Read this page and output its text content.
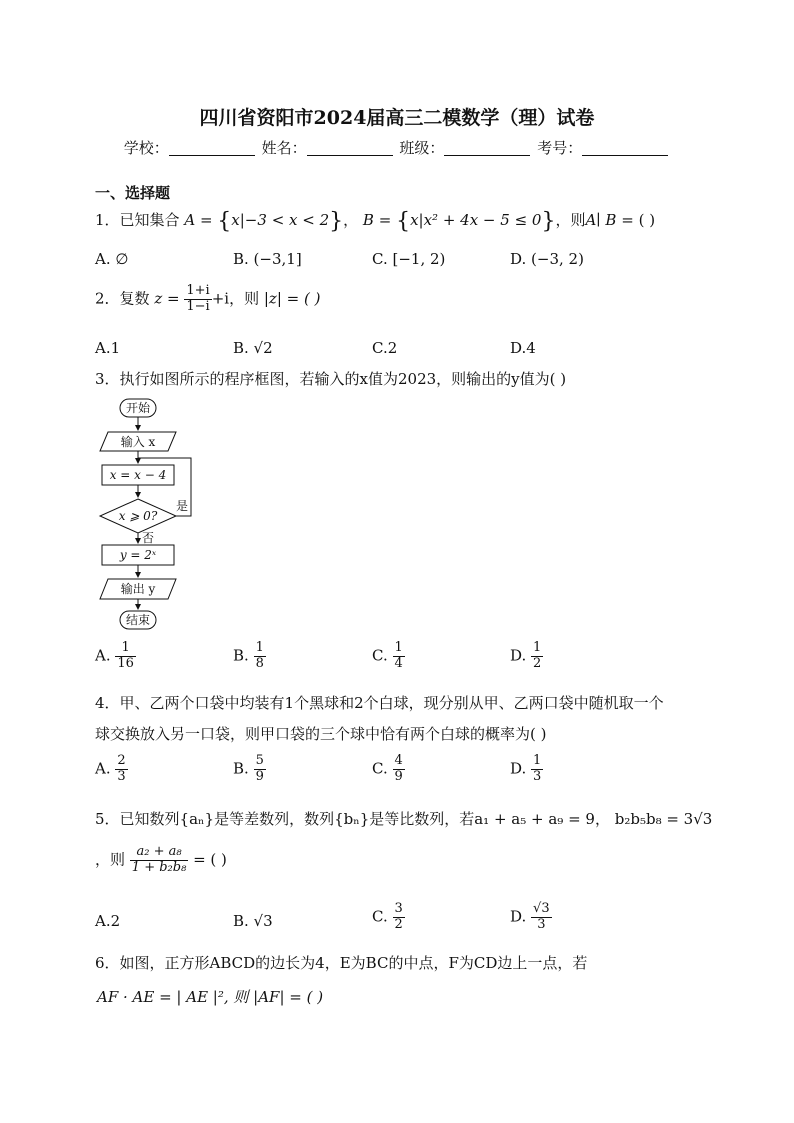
四川省资阳市2024届高三二模数学（理）试卷
学校：	姓名：	班级：	考号：
一、选择题
1．已知集合 A = {x|−3 < x < 2}， B = {x|x² + 4x − 5 ≤ 0}，则A∣ B = ( )
A. ∅	B. (−3,1]	C. [−1, 2)	D. (−3, 2)
2．复数 $z = \frac{1+i}{1-i} +i$，则 |z| = ( )
A.1	B. √2	C.2	D.4
3．执行如图所示的程序框图，若输入的x值为2023，则输出的y值为( )
开始
输入 x
x = x − 4
x ⩾ 0?
是
否
y = 2ˣ
输出 y
结束
A. $\frac{1}{16}$	B. $\frac{1}{8}$	C. $\frac{1}{4}$	D. $\frac{1}{2}$
4．甲、乙两个口袋中均装有1个黑球和2个白球，现分别从甲、乙两口袋中随机取一个
球交换放入另一口袋，则甲口袋的三个球中恰有两个白球的概率为( )
A. $\frac{2}{3}$	B. $\frac{5}{9}$	C. $\frac{4}{9}$	D. $\frac{1}{3}$
5．已知数列{aₙ}是等差数列，数列{bₙ}是等比数列，若a₁ + a₅ + a₉ = 9， b₂b₅b₈ = 3√3
，则 $\frac{\text{a₂ + a₈}}{\text{1 + b₂b₈}}$ = ( )
A.2	B. √3	C. $\frac{3}{2}$	D. $\frac{√3}{3}$
6．如图，正方形ABCD的边长为4，E为BC的中点，F为CD边上一点，若
AF · AE = | AE |², 则 |AF| = ( )
